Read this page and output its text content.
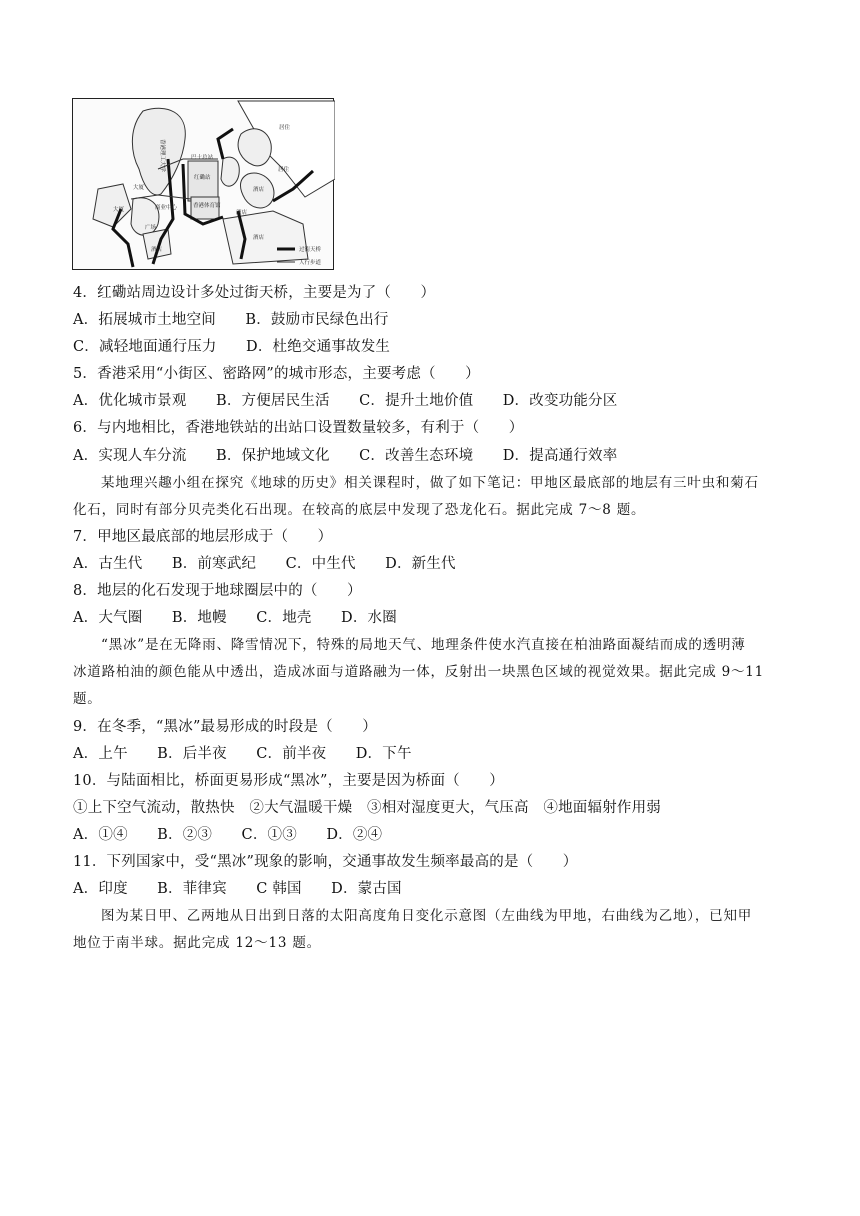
香港理工大学
红磡站
香港体育馆
商业中心
巴士总站
居住
居住
酒店
酒店
酒店
酒店
大厦
大厦
广场
过街天桥
人行步道
4．红磡站周边设计多处过街天桥，主要是为了（　　）
A．拓展城市土地空间　　B．鼓励市民绿色出行
C．减轻地面通行压力　　D．杜绝交通事故发生
5．香港采用“小街区、密路网”的城市形态，主要考虑（　　）
A．优化城市景观　　B．方便居民生活　　C．提升土地价值　　D．改变功能分区
6．与内地相比，香港地铁站的出站口设置数量较多，有利于（　　）
A．实现人车分流　　B．保护地域文化　　C．改善生态环境　　D．提高通行效率
某地理兴趣小组在探究《地球的历史》相关课程时，做了如下笔记：甲地区最底部的地层有三叶虫和菊石
化石，同时有部分贝壳类化石出现。在较高的底层中发现了恐龙化石。据此完成 7～8 题。
7．甲地区最底部的地层形成于（　　）
A．古生代　　B．前寒武纪　　C．中生代　　D．新生代
8．地层的化石发现于地球圈层中的（　　）
A．大气圈　　B．地幔　　C．地壳　　D．水圈
“黑冰”是在无降雨、降雪情况下，特殊的局地天气、地理条件使水汽直接在柏油路面凝结而成的透明薄
冰道路柏油的颜色能从中透出，造成冰面与道路融为一体，反射出一块黑色区域的视觉效果。据此完成 9～11
题。
9．在冬季，“黑冰”最易形成的时段是（　　）
A．上午　　B．后半夜　　C．前半夜　　D．下午
10．与陆面相比，桥面更易形成“黑冰”，主要是因为桥面（　　）
①上下空气流动，散热快　②大气温暖干燥　③相对湿度更大，气压高　④地面辐射作用弱
A．①④　　B．②③　　C．①③　　D．②④
11．下列国家中，受“黑冰”现象的影响，交通事故发生频率最高的是（　　）
A．印度　　B．菲律宾　　C 韩国　　D．蒙古国
图为某日甲、乙两地从日出到日落的太阳高度角日变化示意图（左曲线为甲地，右曲线为乙地），已知甲
地位于南半球。据此完成 12～13 题。
